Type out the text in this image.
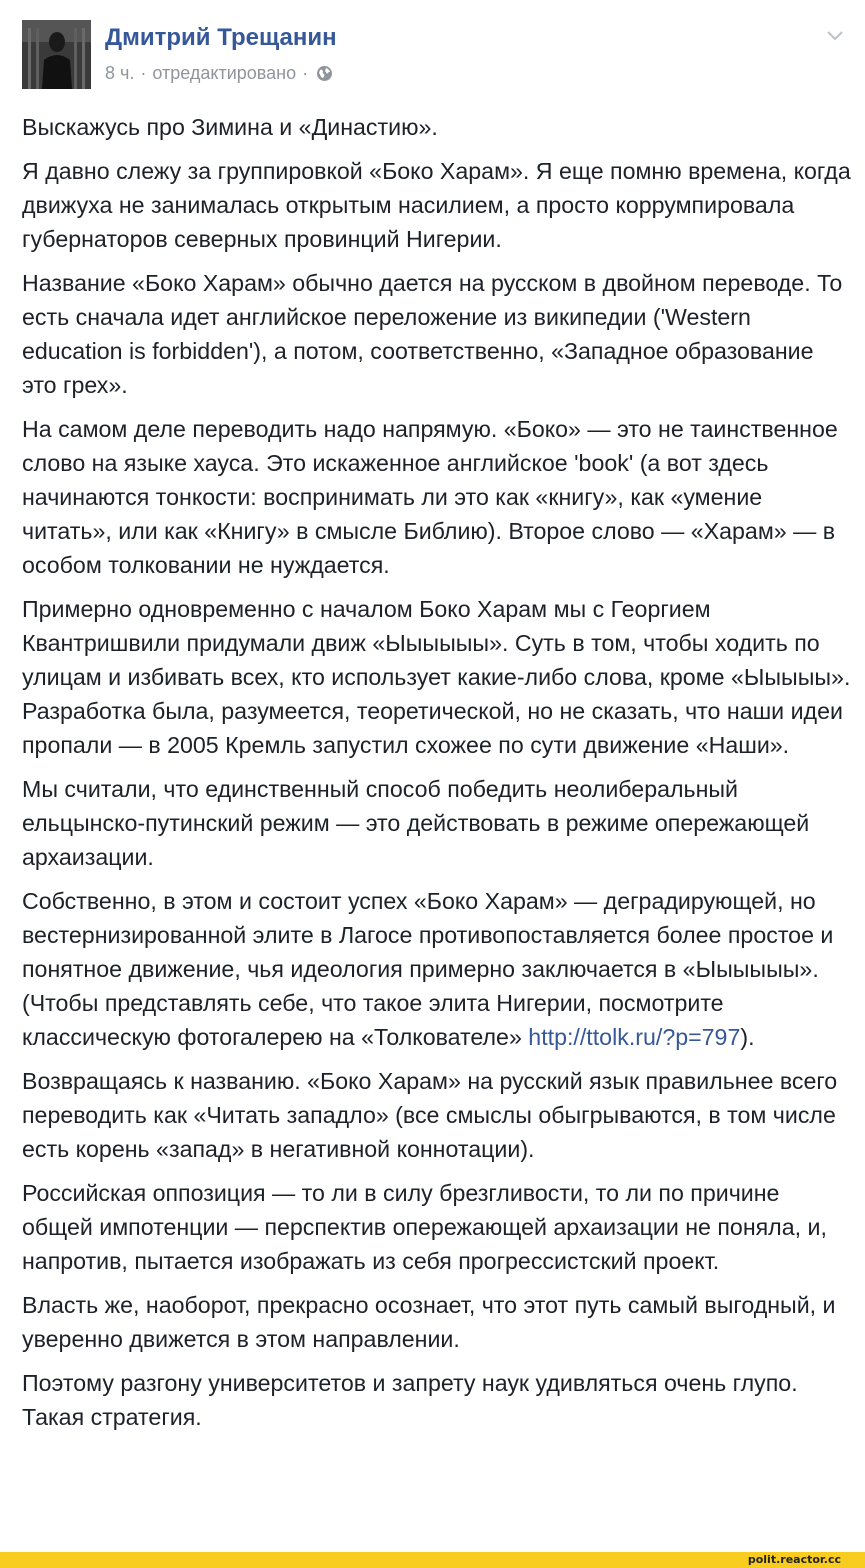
Дмитрий Трещанин
8 ч. · отредактировано ·

Выскажусь про Зимина и «Династию».

Я давно слежу за группировкой «Боко Харам». Я еще помню времена, когда движуха не занималась открытым насилием, а просто коррумпировала губернаторов северных провинций Нигерии.

Название «Боко Харам» обычно дается на русском в двойном переводе. То есть сначала идет английское переложение из википедии ('Western education is forbidden'), а потом, соответственно, «Западное образование это грех».

На самом деле переводить надо напрямую. «Боко» — это не таинственное слово на языке хауса. Это искаженное английское 'book' (а вот здесь начинаются тонкости: воспринимать ли это как «книгу», как «умение читать», или как «Книгу» в смысле Библию). Второе слово — «Харам» — в особом толковании не нуждается.

Примерно одновременно с началом Боко Харам мы с Георгием Квантришвили придумали движ «Ыыыыыы». Суть в том, чтобы ходить по улицам и избивать всех, кто использует какие-либо слова, кроме «Ыыыыы». Разработка была, разумеется, теоретической, но не сказать, что наши идеи пропали — в 2005 Кремль запустил схожее по сути движение «Наши».

Мы считали, что единственный способ победить неолиберальный ельцынско-путинский режим — это действовать в режиме опережающей архаизации.

Собственно, в этом и состоит успех «Боко Харам» — деградирующей, но вестернизированной элите в Лагосе противопоставляется более простое и понятное движение, чья идеология примерно заключается в «Ыыыыыы». (Чтобы представлять себе, что такое элита Нигерии, посмотрите классическую фотогалерею на «Толкователе» http://ttolk.ru/?p=797).

Возвращаясь к названию. «Боко Харам» на русский язык правильнее всего переводить как «Читать западло» (все смыслы обыгрываются, в том числе есть корень «запад» в негативной коннотации).

Российская оппозиция — то ли в силу брезгливости, то ли по причине общей импотенции — перспектив опережающей архаизации не поняла, и, напротив, пытается изображать из себя прогрессистский проект.

Власть же, наоборот, прекрасно осознает, что этот путь самый выгодный, и уверенно движется в этом направлении.

Поэтому разгону университетов и запрету наук удивляться очень глупо. Такая стратегия.

polit.reactor.cc
